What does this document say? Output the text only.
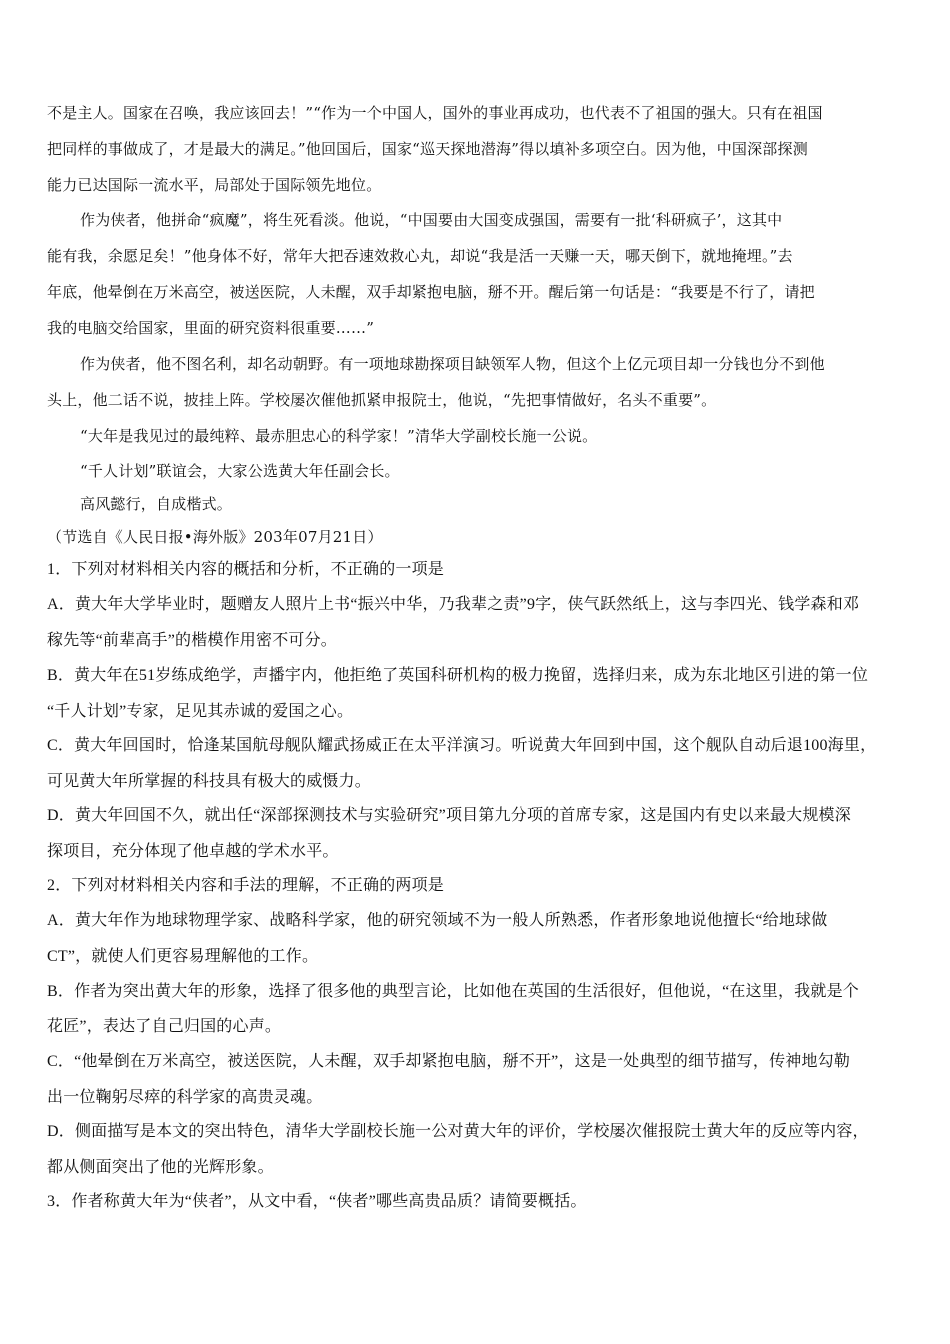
不是主人。国家在召唤，我应该回去！”“作为一个中国人，国外的事业再成功，也代表不了祖国的强大。只有在祖国
把同样的事做成了，才是最大的满足。”他回国后，国家“巡天探地潜海”得以填补多项空白。因为他，中国深部探测
能力已达国际一流水平，局部处于国际领先地位。
作为侠者，他拼命“疯魔”，将生死看淡。他说，“中国要由大国变成强国，需要有一批‘科研疯子’，这其中
能有我，余愿足矣！”他身体不好，常年大把吞速效救心丸，却说“我是活一天赚一天，哪天倒下，就地掩埋。”去
年底，他晕倒在万米高空，被送医院，人未醒，双手却紧抱电脑，掰不开。醒后第一句话是：“我要是不行了，请把
我的电脑交给国家，里面的研究资料很重要……”
作为侠者，他不图名利，却名动朝野。有一项地球勘探项目缺领军人物，但这个上亿元项目却一分钱也分不到他
头上，他二话不说，披挂上阵。学校屡次催他抓紧申报院士，他说，“先把事情做好，名头不重要”。
“大年是我见过的最纯粹、最赤胆忠心的科学家！”清华大学副校长施一公说。
“千人计划”联谊会，大家公选黄大年任副会长。
高风懿行，自成楷式。
（节选自《人民日报•海外版》203年07月21日）
1．下列对材料相关内容的概括和分析，不正确的一项是
A．黄大年大学毕业时，题赠友人照片上书“振兴中华，乃我辈之责”9字，侠气跃然纸上，这与李四光、钱学森和邓
稼先等“前辈高手”的楷模作用密不可分。
B．黄大年在51岁练成绝学，声播宇内，他拒绝了英国科研机构的极力挽留，选择归来，成为东北地区引进的第一位
“千人计划”专家，足见其赤诚的爱国之心。
C．黄大年回国时，恰逢某国航母舰队耀武扬威正在太平洋演习。听说黄大年回到中国，这个舰队自动后退100海里，
可见黄大年所掌握的科技具有极大的威慑力。
D．黄大年回国不久，就出任“深部探测技术与实验研究”项目第九分项的首席专家，这是国内有史以来最大规模深
探项目，充分体现了他卓越的学术水平。
2．下列对材料相关内容和手法的理解，不正确的两项是
A．黄大年作为地球物理学家、战略科学家，他的研究领域不为一般人所熟悉，作者形象地说他擅长“给地球做
CT”，就使人们更容易理解他的工作。
B．作者为突出黄大年的形象，选择了很多他的典型言论，比如他在英国的生活很好，但他说，“在这里，我就是个
花匠”，表达了自己归国的心声。
C．“他晕倒在万米高空，被送医院，人未醒，双手却紧抱电脑，掰不开”，这是一处典型的细节描写，传神地勾勒
出一位鞠躬尽瘁的科学家的高贵灵魂。
D．侧面描写是本文的突出特色，清华大学副校长施一公对黄大年的评价，学校屡次催报院士黄大年的反应等内容，
都从侧面突出了他的光辉形象。
3．作者称黄大年为“侠者”，从文中看，“侠者”哪些高贵品质？请简要概括。
